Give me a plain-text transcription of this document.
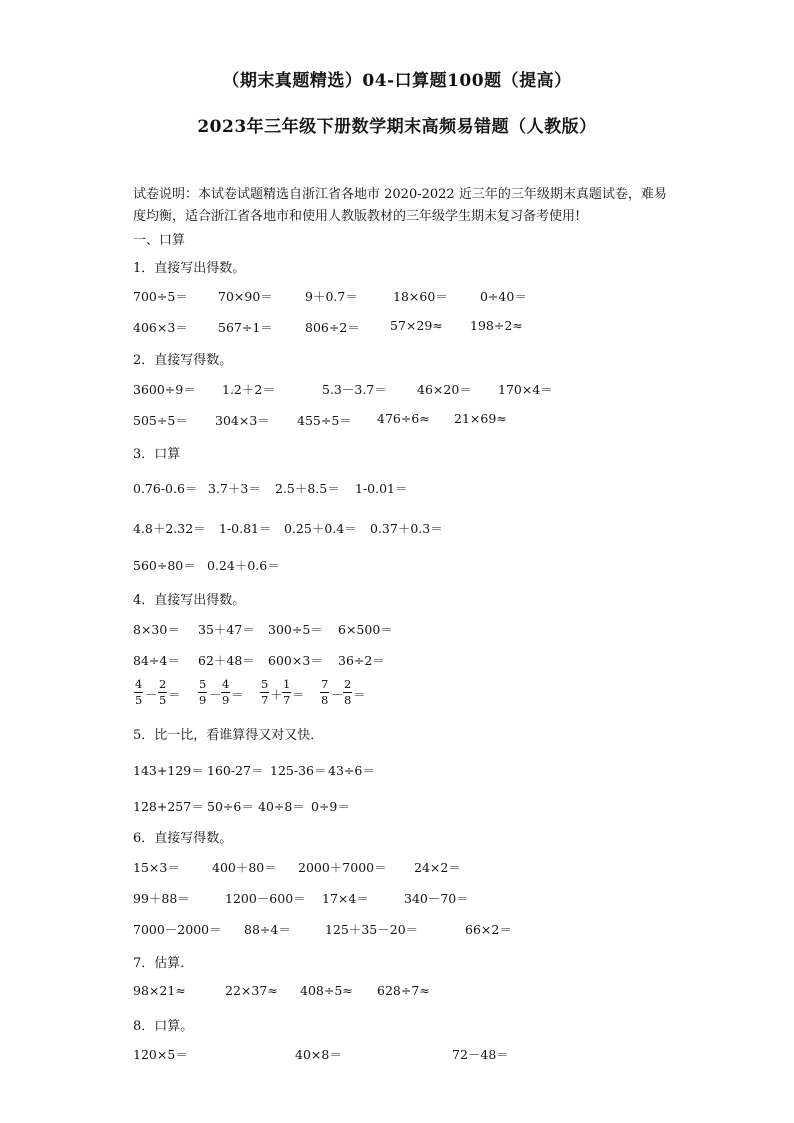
（期末真题精选）04-口算题100题（提高）
2023年三年级下册数学期末高频易错题（人教版）
试卷说明：本试卷试题精选自浙江省各地市 2020-2022 近三年的三年级期末真题试卷，难易度均衡，适合浙江省各地市和使用人教版教材的三年级学生期末复习备考使用!
一、口算
1．直接写出得数。
700÷5＝ 70×90＝	9＋0.7＝	18×60＝	0÷40＝
406×3＝ 567÷1＝	806÷2＝ 57×29≈ 198÷2≈
2．直接写得数。
3600÷9＝ 1.2＋2＝	5.3－3.7＝ 46×20＝ 170×4＝
505÷5＝ 304×3＝ 455÷5＝ 476÷6≈ 21×69≈
3．口算
0.76-0.6＝ 3.7＋3＝ 2.5＋8.5＝ 1-0.01＝
4.8＋2.32＝ 1-0.81＝ 0.25＋0.4＝ 0.37＋0.3＝
560÷80＝ 0.24＋0.6＝
4．直接写出得数。
8×30＝ 35＋47＝ 300÷5＝ 6×500＝
84÷4＝ 62＋48＝ 600×3＝ 36÷2＝
$\frac{4}{5} - \frac{2}{5} = \frac{5}{9} - \frac{4}{9} = \frac{5}{7} + \frac{1}{7} = \frac{7}{8} - \frac{2}{8}$ ＝
5．比一比，看谁算得又对又快．
143+129＝ 160-27＝ 125-36＝ 43÷6＝
128+257＝ 50÷6＝ 40÷8＝ 0÷9＝
6．直接写得数。
15×3＝	400＋80＝ 2000＋7000＝ 24×2＝
99＋88＝	1200－600＝ 17×4＝	340－70＝
7000－2000＝ 88÷4＝	125＋35－20＝	66×2＝
7．估算．
98×21≈	22×37≈ 408÷5≈ 628÷7≈
8．口算。
120×5＝	40×8＝	72－48＝
